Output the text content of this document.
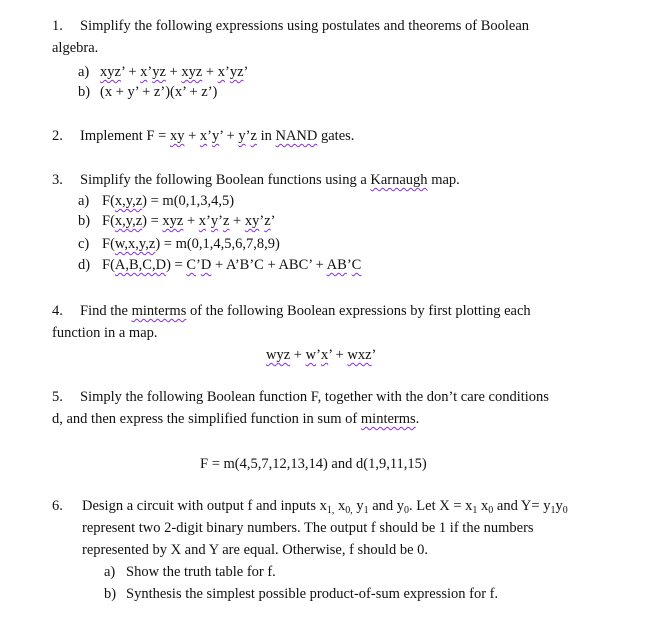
1. Simplify the following expressions using postulates and theorems of Boolean
algebra.
a) xyz’ + x’yz + xyz + x’yz’
b) (x + y’ + z’)(x’ + z’)
2. Implement F = xy + x’y’ + y’z in NAND gates.
3. Simplify the following Boolean functions using a Karnaugh map.
a) F(x,y,z) = m(0,1,3,4,5)
b) F(x,y,z) = xyz + x’y’z + xy’z’
c) F(w,x,y,z) = m(0,1,4,5,6,7,8,9)
d) F(A,B,C,D) = C’D + A’B’C + ABC’ + AB’C
4. Find the minterms of the following Boolean expressions by first plotting each
function in a map.
wyz + w’x’ + wxz’
5. Simply the following Boolean function F, together with the don’t care conditions
d, and then express the simplified function in sum of minterms.
F = m(4,5,7,12,13,14) and d(1,9,11,15)
6. Design a circuit with output f and inputs $x_{1,}$ $x_{0,}$ $y_1$ and $y_0$. Let $X = x_1$ $x_0$ and $Y= y_1y_0$
represent two 2-digit binary numbers. The output f should be 1 if the numbers
represented by X and Y are equal. Otherwise, f should be 0.
a) Show the truth table for f.
b) Synthesis the simplest possible product-of-sum expression for f.
